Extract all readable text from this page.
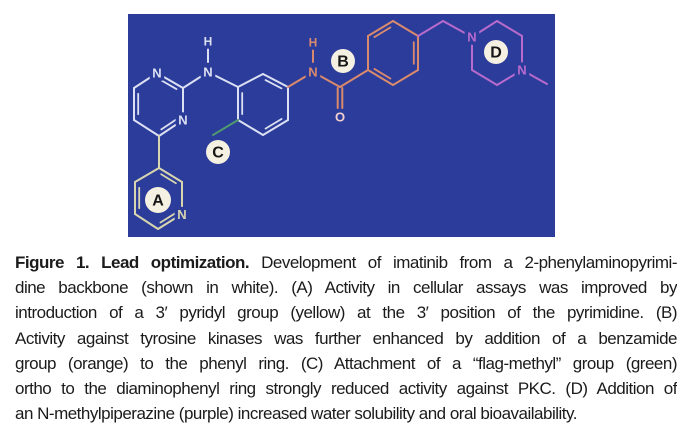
N
N
N
H
N
H
O
N
N
N
A
B
C
D
Figure 1. Lead optimization. Development of imatinib from a 2-phenylaminopyrimi-
dine backbone (shown in white). (A) Activity in cellular assays was improved by
introduction of a 3′ pyridyl group (yellow) at the 3′ position of the pyrimidine. (B)
Activity against tyrosine kinases was further enhanced by addition of a benzamide
group (orange) to the phenyl ring. (C) Attachment of a “flag-methyl” group (green)
ortho to the diaminophenyl ring strongly reduced activity against PKC. (D) Addition of
an N-methylpiperazine (purple) increased water solubility and oral bioavailability.
